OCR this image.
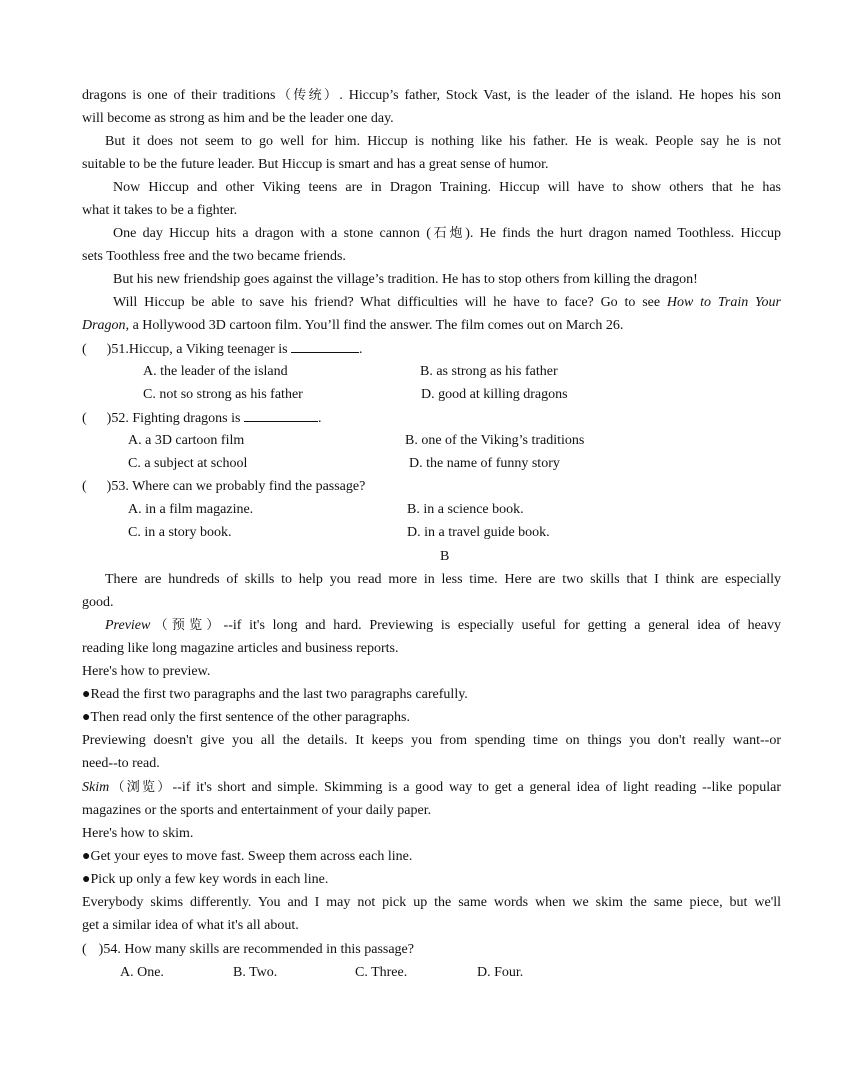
dragons is one of their traditions（传统）. Hiccup’s father, Stock Vast, is the leader of the island. He hopes his son
will become as strong as him and be the leader one day.
But it does not seem to go well for him. Hiccup is nothing like his father. He is weak. People say he is not
suitable to be the future leader. But Hiccup is smart and has a great sense of humor.
Now Hiccup and other Viking teens are in Dragon Training. Hiccup will have to show others that he has
what it takes to be a fighter.
One day Hiccup hits a dragon with a stone cannon (石炮). He finds the hurt dragon named Toothless. Hiccup
sets Toothless free and the two became friends.
But his new friendship goes against the village’s tradition. He has to stop others from killing the dragon!
Will Hiccup be able to save his friend? What difficulties will he have to face? Go to see How to Train Your
Dragon, a Hollywood 3D cartoon film. You’ll find the answer. The film comes out on March 26.
( )51.Hiccup, a Viking teenager is	.
A. the leader of the island	B. as strong as his father
C. not so strong as his father	D. good at killing dragons
( )52. Fighting dragons is	.
A. a 3D cartoon film	B. one of the Viking’s traditions
C. a subject at school	D. the name of funny story
( )53. Where can we probably find the passage?
A. in a film magazine.	B. in a science book.
C. in a story book.	D. in a travel guide book.
B
There are hundreds of skills to help you read more in less time. Here are two skills that I think are especially
good.
Preview（预览）--if it's long and hard. Previewing is especially useful for getting a general idea of heavy
reading like long magazine articles and business reports.
Here's how to preview.
●Read the first two paragraphs and the last two paragraphs carefully.
●Then read only the first sentence of the other paragraphs.
Previewing doesn't give you all the details. It keeps you from spending time on things you don't really want--or
need--to read.
Skim（浏览）--if it's short and simple. Skimming is a good way to get a general idea of light reading --like popular
magazines or the sports and entertainment of your daily paper.
Here's how to skim.
●Get your eyes to move fast. Sweep them across each line.
●Pick up only a few key words in each line.
Everybody skims differently. You and I may not pick up the same words when we skim the same piece, but we'll
get a similar idea of what it's all about.
( )54. How many skills are recommended in this passage?
A. One.	B. Two.	C. Three.	D. Four.
